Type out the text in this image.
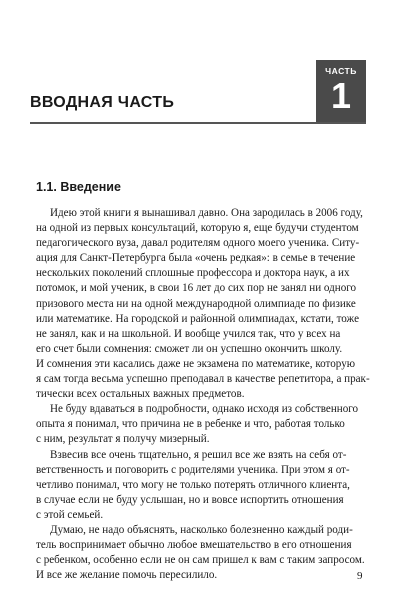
ЧАСТЬ
1
ВВОДНАЯ ЧАСТЬ
1.1. Введение

Идею этой книги я вынашивал давно. Она зародилась в 2006 году,
на одной из первых консультаций, которую я, еще будучи студентом
педагогического вуза, давал родителям одного моего ученика. Ситу-
ация для Санкт-Петербурга была «очень редкая»: в семье в течение
нескольких поколений сплошные профессора и доктора наук, а их
потомок, и мой ученик, в свои 16 лет до сих пор не занял ни одного
призового места ни на одной международной олимпиаде по физике
или математике. На городской и районной олимпиадах, кстати, тоже
не занял, как и на школьной. И вообще учился так, что у всех на
его счет были сомнения: сможет ли он успешно окончить школу.
И сомнения эти касались даже не экзамена по математике, которую
я сам тогда весьма успешно преподавал в качестве репетитора, а прак-
тически всех остальных важных предметов.

Не буду вдаваться в подробности, однако исходя из собственного
опыта я понимал, что причина не в ребенке и что, работая только
с ним, результат я получу мизерный.

Взвесив все очень тщательно, я решил все же взять на себя от-
ветственность и поговорить с родителями ученика. При этом я от-
четливо понимал, что могу не только потерять отличного клиента,
в случае если не буду услышан, но и вовсе испортить отношения
с этой семьей.

Думаю, не надо объяснять, насколько болезненно каждый роди-
тель воспринимает обычно любое вмешательство в его отношения
с ребенком, особенно если не он сам пришел к вам с таким запросом.
И все же желание помочь пересилило.	9
